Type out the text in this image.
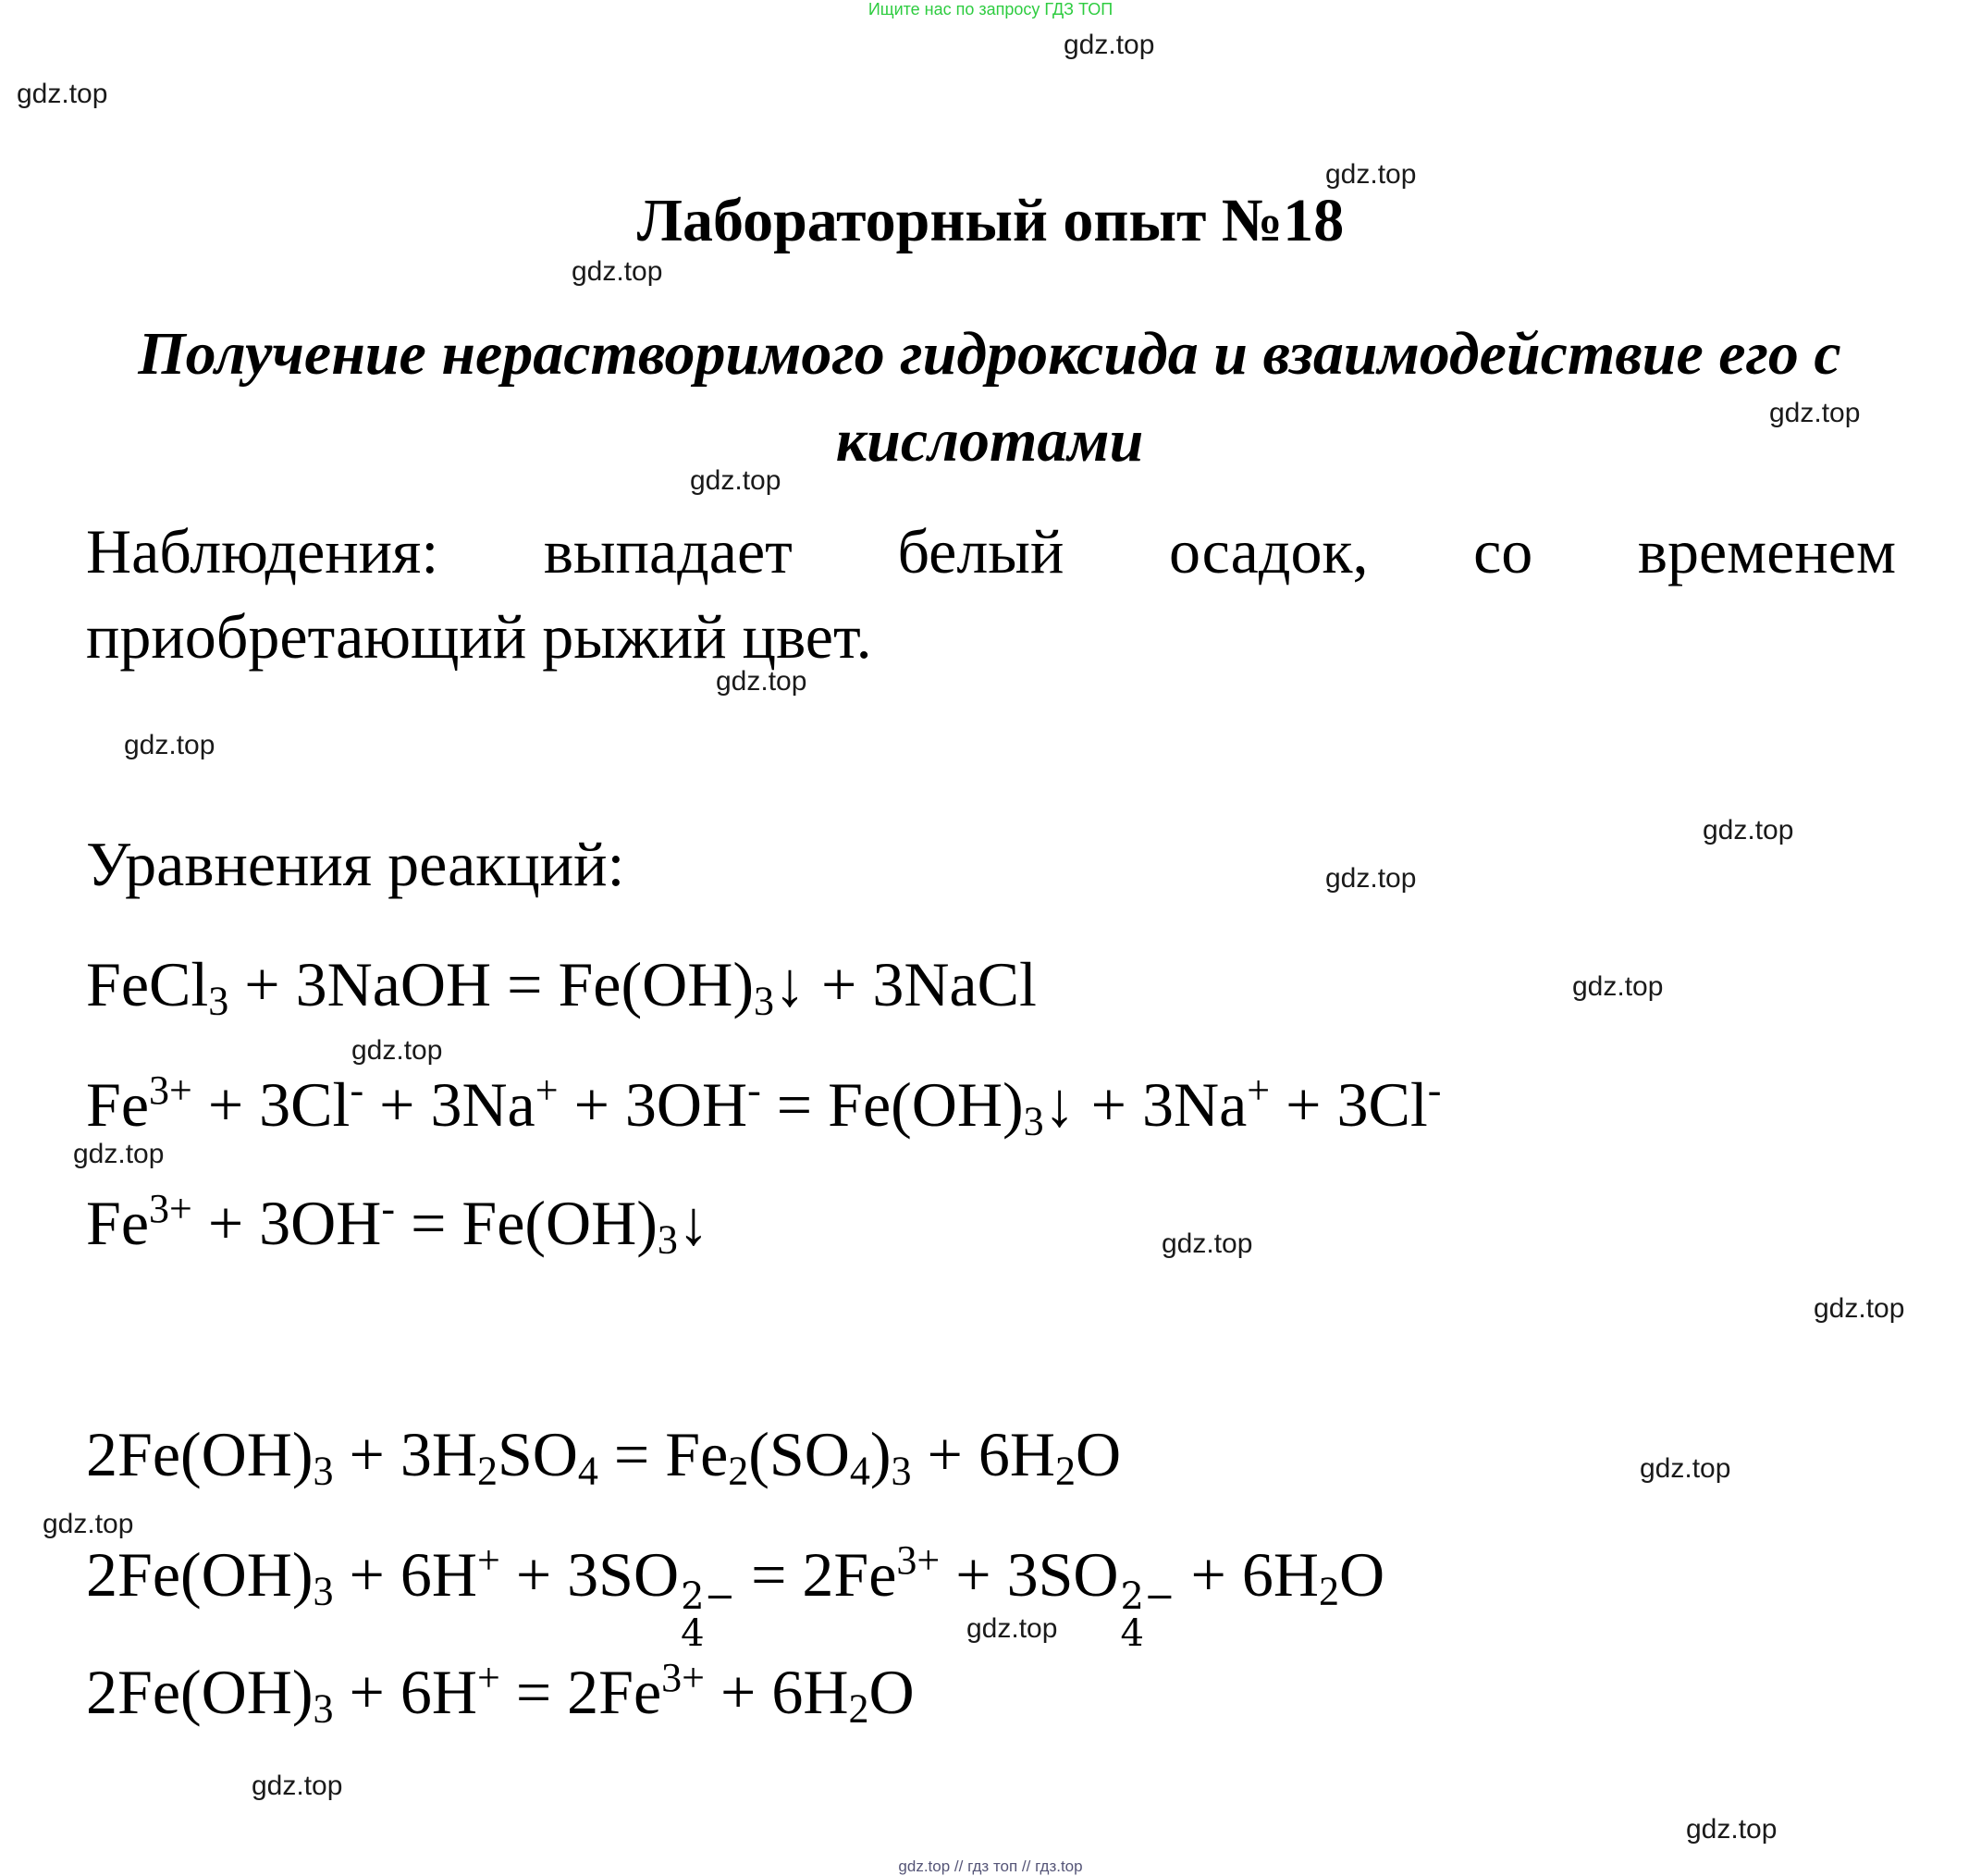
Ищите нас по запросу ГДЗ ТОП
gdz.top
gdz.top
gdz.top
gdz.top
gdz.top
gdz.top
gdz.top
gdz.top
gdz.top
gdz.top
gdz.top
gdz.top
gdz.top
gdz.top
gdz.top
gdz.top
gdz.top
gdz.top
gdz.top
gdz.top
Лабораторный опыт №18
Получение нерастворимого гидроксида и взаимодействие его с кислотами
Наблюдения: выпадает белый осадок, со временем приобретающий рыжий цвет.
Уравнения реакций:
FeCl$_3$ + 3NaOH = $Fe(OH)_3↓$ + 3NaCl
$Fe^{3+} + 3Cl^- + 3Na^+ + 3OH^-$ = $Fe(OH)_3↓ + 3Na^+ + 3Cl^-$
$Fe^{3+} + 3OH^-$ = $Fe(OH)_3↓$
$2Fe(OH)_3 + 3H_2SO_4 = Fe_2(SO_4)_3 + 6H_2O$
$2Fe(OH)_3 + 6H^+ + 3SO$ 2−
4
= $2Fe^{3+} + 3SO$ 2−
4
+ $6H_2O$
$2Fe(OH)_3 + 6H^+ = 2Fe^{3+} + 6H_2O$
gdz.top // гдз топ // гдз.top
